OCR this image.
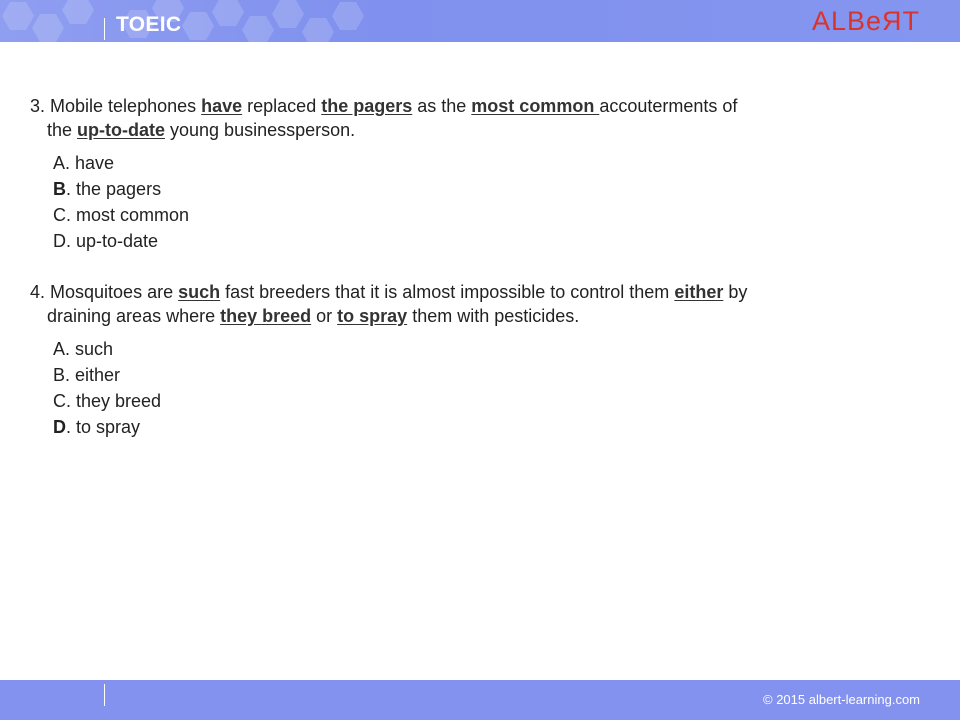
TOEIC	ALBeЯT

3. Mobile telephones have replaced the pagers as the most common accouterments of
the up-to-date young businessperson.

A. have
B. the pagers
C. most common
D. up-to-date

4. Mosquitoes are such fast breeders that it is almost impossible to control them either by
draining areas where they breed or to spray them with pesticides.

A. such
B. either
C. they breed
D. to spray
© 2015 albert-learning.com
